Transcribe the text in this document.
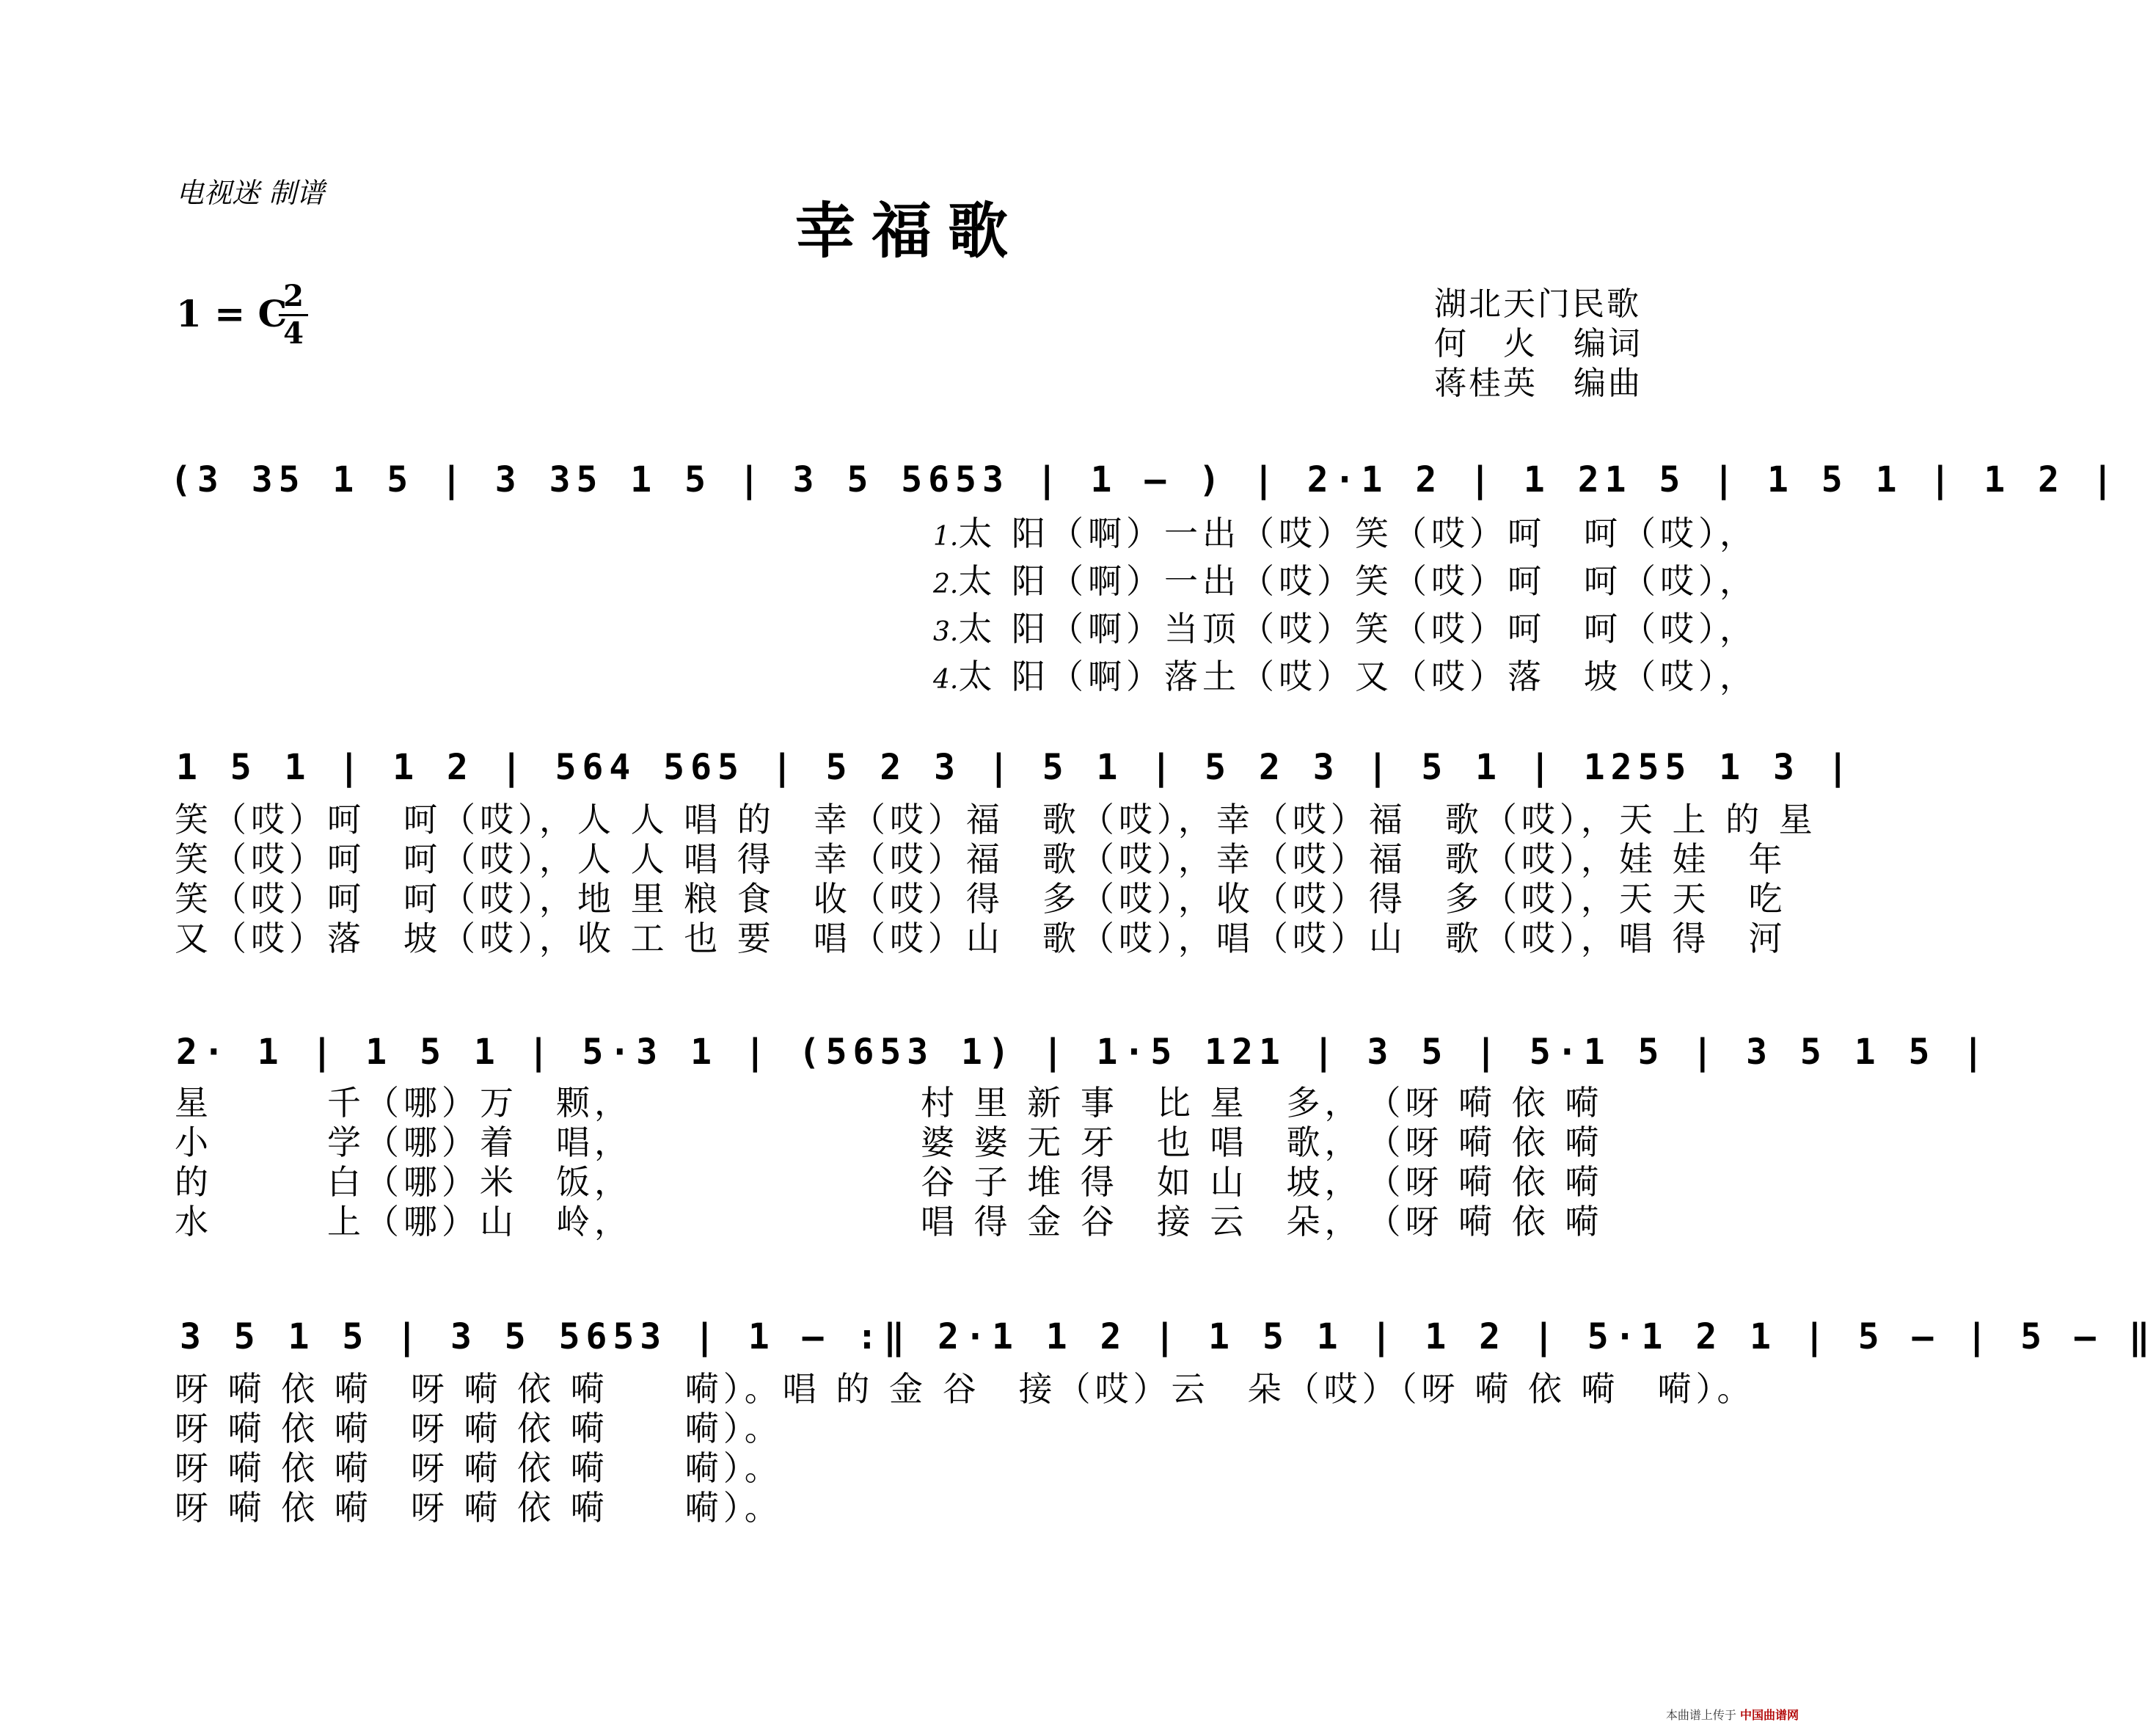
电视迷 制谱
幸福歌
1 = C
2
4
湖北天门民歌
何　火	编词
蒋桂英	编曲
(3 35 1 5 | 3 35 1 5 | 3 5 5653 | 1 – ) | 2·1 2 | 1 21 5 | 1 5 1 | 1 2 |
1.太 阳（啊）一出（哎）笑（哎）呵　呵（哎），
2.太 阳（啊）一出（哎）笑（哎）呵　呵（哎），
3.太 阳（啊）当顶（哎）笑（哎）呵　呵（哎），
4.太 阳（啊）落土（哎）又（哎）落　坡（哎），
1 5 1 | 1 2 | 564 565 | 5 2 3 | 5 1 | 5 2 3 | 5 1 | 1255 1 3 |
笑（哎）呵　呵（哎），人 人 唱 的　幸（哎）福　歌（哎），幸（哎）福　歌（哎），天 上 的 星
笑（哎）呵　呵（哎），人 人 唱 得　幸（哎）福　歌（哎），幸（哎）福　歌（哎），娃 娃　年
笑（哎）呵　呵（哎），地 里 粮 食　收（哎）得　多（哎），收（哎）得　多（哎），天 天　吃
又（哎）落　坡（哎），收 工 也 要　唱（哎）山　歌（哎），唱（哎）山　歌（哎），唱 得　河
2· 1 | 1 5 1 | 5·3 1 | (5653 1) | 1·5 121 | 3 5 | 5·1 5 | 3 5 1 5 |
星　　　千（哪）万　颗，　　　　　　　　村 里 新 事　比 星　多，　（呀 嗬 依 嗬
小　　　学（哪）着　唱，　　　　　　　　婆 婆 无 牙　也 唱　歌，　（呀 嗬 依 嗬
的　　　白（哪）米　饭，　　　　　　　　谷 子 堆 得　如 山　坡，　（呀 嗬 依 嗬
水　　　上（哪）山　岭，　　　　　　　　唱 得 金 谷　接 云　朵，　（呀 嗬 依 嗬
3 5 1 5 | 3 5 5653 | 1 – :‖ 2·1 1 2 | 1 5 1 | 1 2 | 5·1 2 1 | 5 – | 5 – ‖
呀 嗬 依 嗬　呀 嗬 依 嗬　　嗬）。唱 的 金 谷　接（哎）云　朵（哎）（呀 嗬 依 嗬　嗬）。
呀 嗬 依 嗬　呀 嗬 依 嗬　　嗬）。
呀 嗬 依 嗬　呀 嗬 依 嗬　　嗬）。
呀 嗬 依 嗬　呀 嗬 依 嗬　　嗬）。
本曲谱上传于 中国曲谱网
